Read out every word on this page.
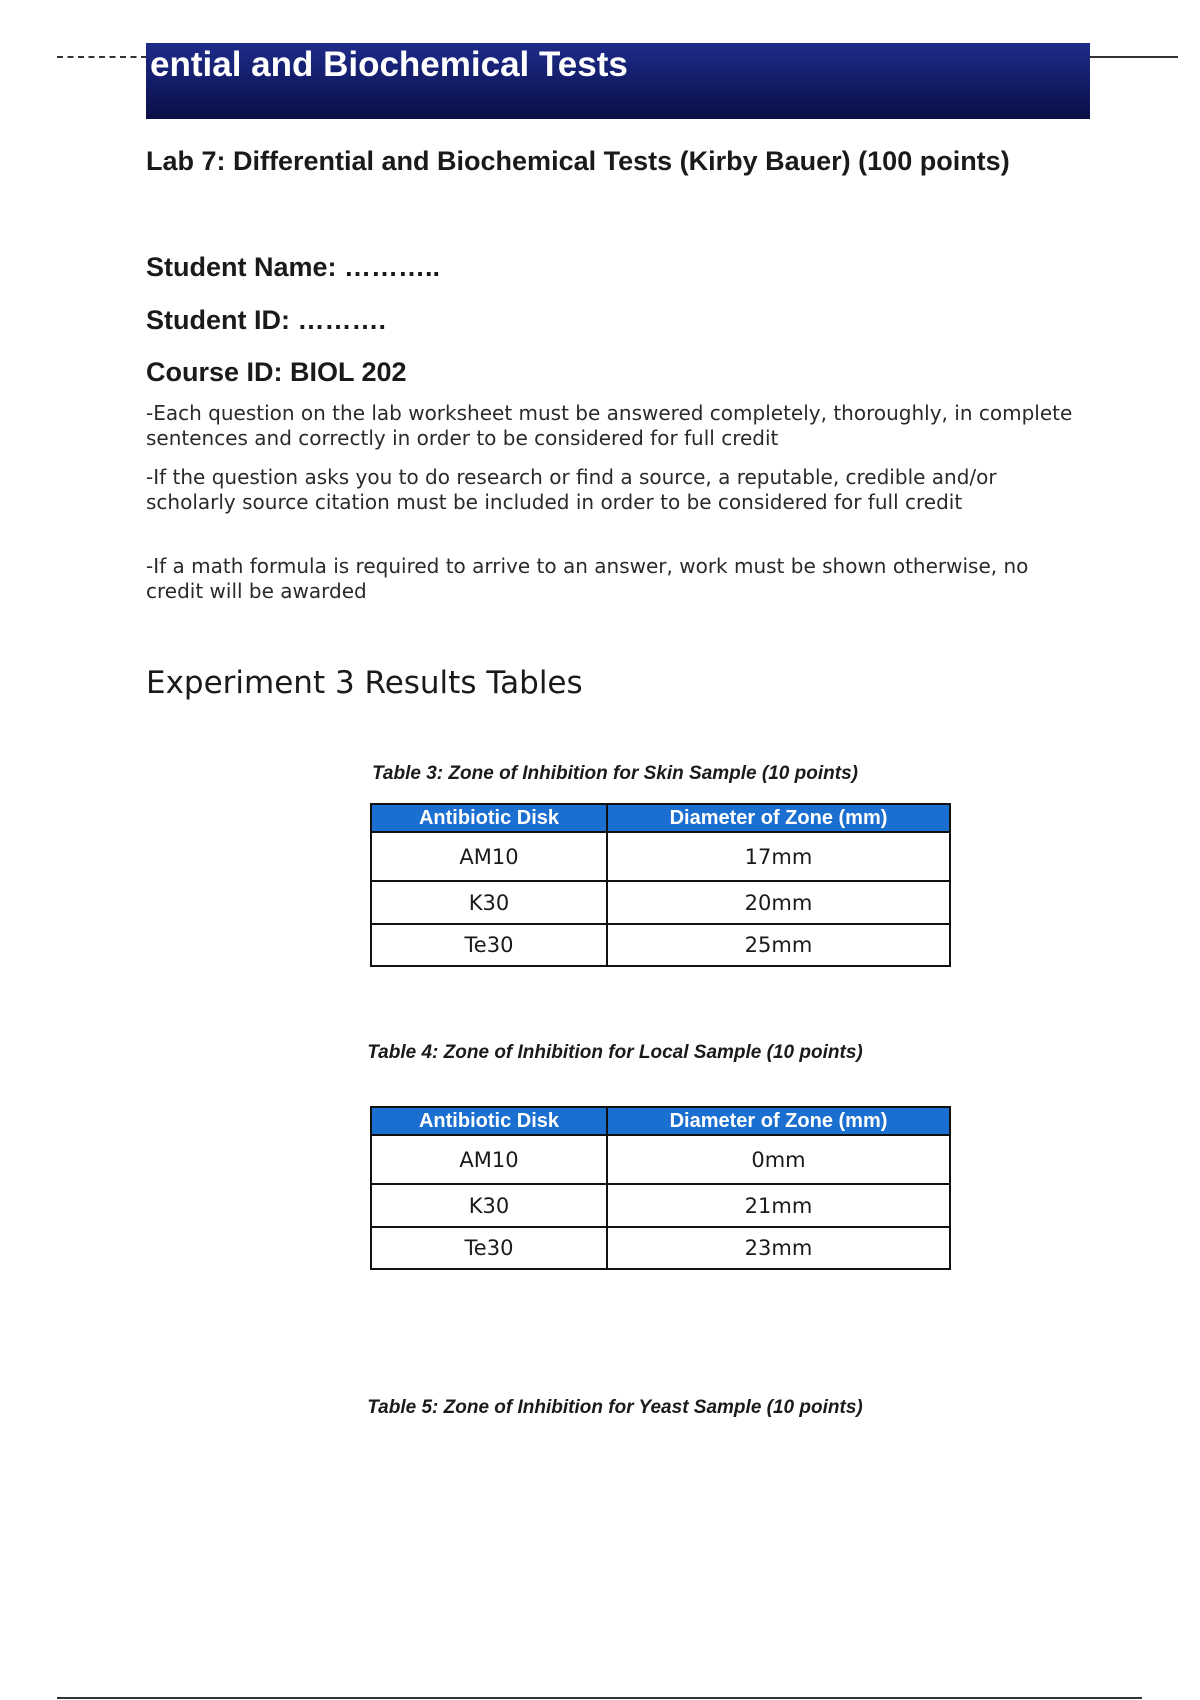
ential and Biochemical Tests
Lab 7: Differential and Biochemical Tests (Kirby Bauer) (100 points)
Student Name: ………..
Student ID: ……….
Course ID: BIOL 202
-Each question on the lab worksheet must be answered completely, thoroughly, in complete sentences and correctly in order to be considered for full credit
-If the question asks you to do research or find a source, a reputable, credible and/or scholarly source citation must be included in order to be considered for full credit
-If a math formula is required to arrive to an answer, work must be shown otherwise, no credit will be awarded
Experiment 3 Results Tables
Table 3: Zone of Inhibition for Skin Sample (10 points)
Antibiotic Disk	Diameter of Zone (mm)
AM10	17mm
K30	20mm
Te30	25mm
Table 4: Zone of Inhibition for Local Sample (10 points)
Antibiotic Disk	Diameter of Zone (mm)
AM10	0mm
K30	21mm
Te30	23mm
Table 5: Zone of Inhibition for Yeast Sample (10 points)
